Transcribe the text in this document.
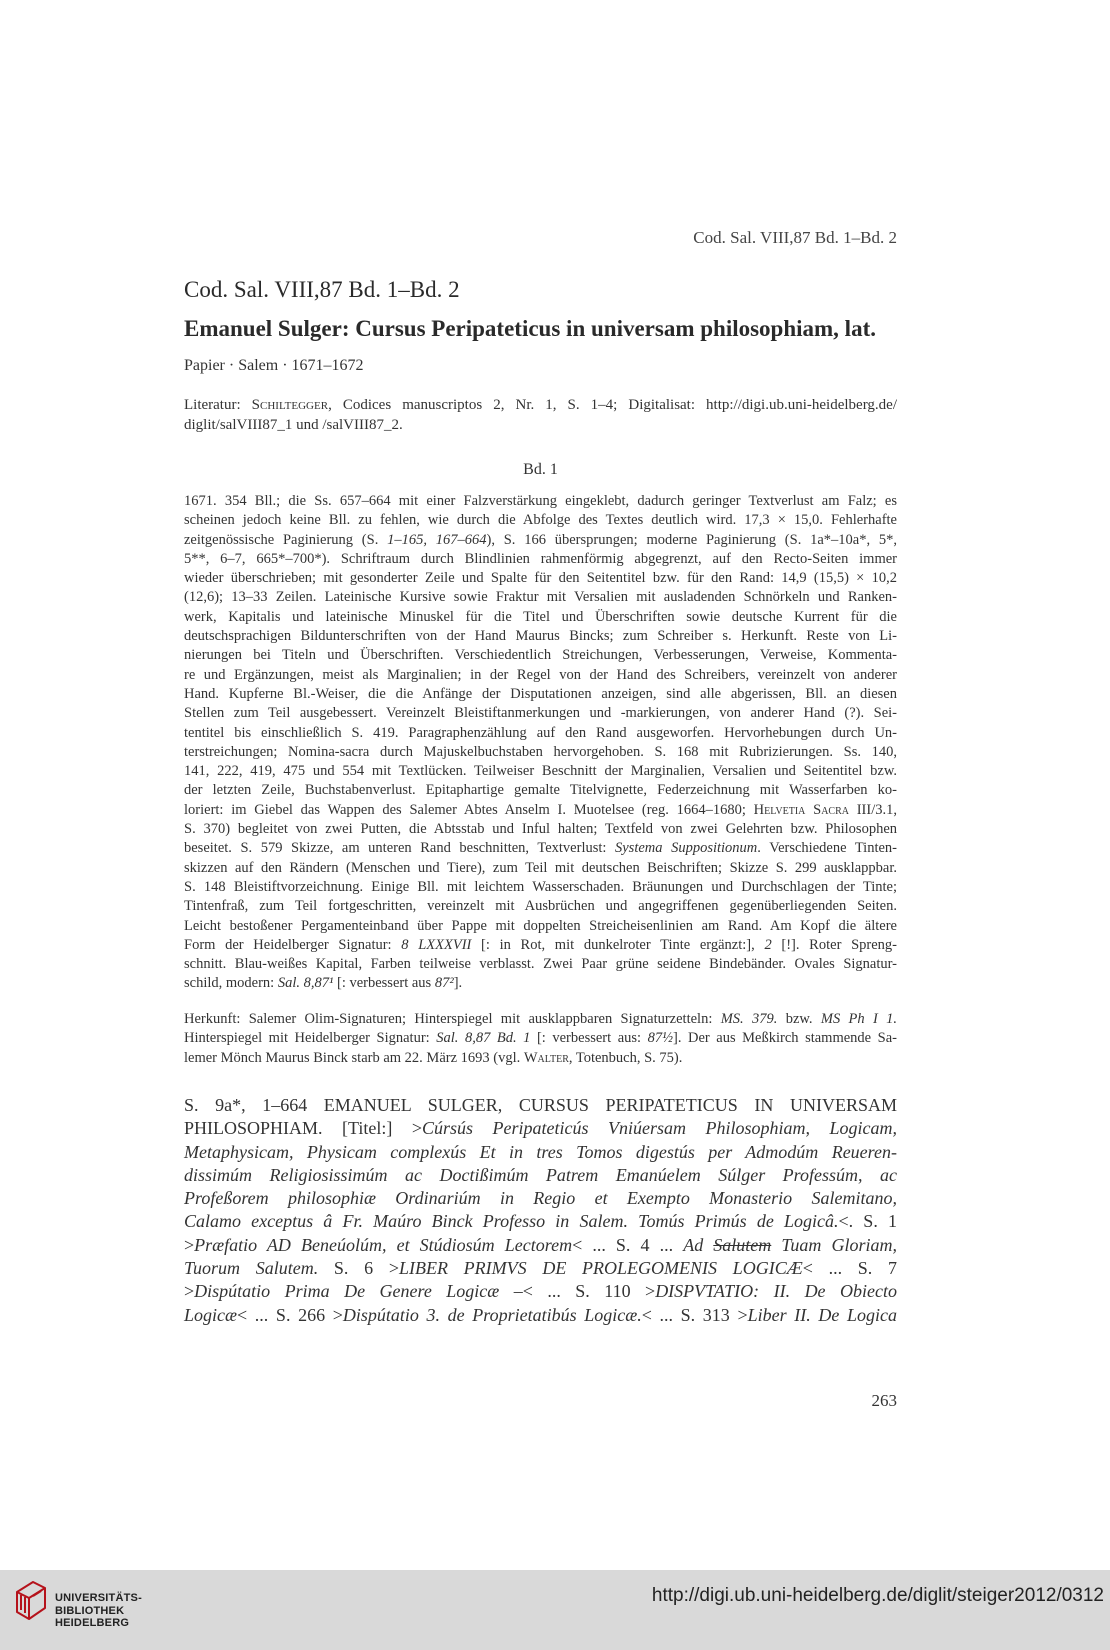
Cod. Sal. VIII,87 Bd. 1–Bd. 2
Cod. Sal. VIII,87 Bd. 1–Bd. 2
Emanuel Sulger: Cursus Peripateticus in universam philosophiam, lat.
Papier · Salem · 1671–1672
Literatur: Schiltegger, Codices manuscriptos 2, Nr. 1, S. 1–4; Digitalisat: http://digi.ub.uni-heidelberg.de/
diglit/salVIII87_1 und /salVIII87_2.
Bd. 1
1671. 354 Bll.; die Ss. 657–664 mit einer Falzverstärkung eingeklebt, dadurch geringer Textverlust am Falz; es
scheinen jedoch keine Bll. zu fehlen, wie durch die Abfolge des Textes deutlich wird. 17,3 × 15,0. Fehlerhafte
zeitgenössische Paginierung (S. 1–165, 167–664), S. 166 übersprungen; moderne Paginierung (S. 1a*–10a*, 5*,
5**, 6–7, 665*–700*). Schriftraum durch Blindlinien rahmenförmig abgegrenzt, auf den Recto-Seiten immer
wieder überschrieben; mit gesonderter Zeile und Spalte für den Seitentitel bzw. für den Rand: 14,9 (15,5) × 10,2
(12,6); 13–33 Zeilen. Lateinische Kursive sowie Fraktur mit Versalien mit ausladenden Schnörkeln und Ranken-
werk, Kapitalis und lateinische Minuskel für die Titel und Überschriften sowie deutsche Kurrent für die
deutschsprachigen Bildunterschriften von der Hand Maurus Bincks; zum Schreiber s. Herkunft. Reste von Li-
nierungen bei Titeln und Überschriften. Verschiedentlich Streichungen, Verbesserungen, Verweise, Kommenta-
re und Ergänzungen, meist als Marginalien; in der Regel von der Hand des Schreibers, vereinzelt von anderer
Hand. Kupferne Bl.-Weiser, die die Anfänge der Disputationen anzeigen, sind alle abgerissen, Bll. an diesen
Stellen zum Teil ausgebessert. Vereinzelt Bleistiftanmerkungen und -markierungen, von anderer Hand (?). Sei-
tentitel bis einschließlich S. 419. Paragraphenzählung auf den Rand ausgeworfen. Hervorhebungen durch Un-
terstreichungen; Nomina-sacra durch Majuskelbuchstaben hervorgehoben. S. 168 mit Rubrizierungen. Ss. 140,
141, 222, 419, 475 und 554 mit Textlücken. Teilweiser Beschnitt der Marginalien, Versalien und Seitentitel bzw.
der letzten Zeile, Buchstabenverlust. Epitaphartige gemalte Titelvignette, Federzeichnung mit Wasserfarben ko-
loriert: im Giebel das Wappen des Salemer Abtes Anselm I. Muotelsee (reg. 1664–1680; Helvetia Sacra III/3.1,
S. 370) begleitet von zwei Putten, die Abtsstab und Inful halten; Textfeld von zwei Gelehrten bzw. Philosophen
beseitet. S. 579 Skizze, am unteren Rand beschnitten, Textverlust: Systema Suppositionum. Verschiedene Tinten-
skizzen auf den Rändern (Menschen und Tiere), zum Teil mit deutschen Beischriften; Skizze S. 299 ausklappbar.
S. 148 Bleistiftvorzeichnung. Einige Bll. mit leichtem Wasserschaden. Bräunungen und Durchschlagen der Tinte;
Tintenfraß, zum Teil fortgeschritten, vereinzelt mit Ausbrüchen und angegriffenen gegenüberliegenden Seiten.
Leicht bestoßener Pergamenteinband über Pappe mit doppelten Streicheisenlinien am Rand. Am Kopf die ältere
Form der Heidelberger Signatur: 8 LXXXVII [: in Rot, mit dunkelroter Tinte ergänzt:], 2 [!]. Roter Spreng-
schnitt. Blau-weißes Kapital, Farben teilweise verblasst. Zwei Paar grüne seidene Bindebänder. Ovales Signatur-
schild, modern: Sal. 8,87¹ [: verbessert aus 87²].
Herkunft: Salemer Olim-Signaturen; Hinterspiegel mit ausklappbaren Signaturzetteln: MS. 379. bzw. MS Ph I 1.
Hinterspiegel mit Heidelberger Signatur: Sal. 8,87 Bd. 1 [: verbessert aus: 87½]. Der aus Meßkirch stammende Sa-
lemer Mönch Maurus Binck starb am 22. März 1693 (vgl. Walter, Totenbuch, S. 75).
S. 9a*, 1–664 EMANUEL SULGER, CURSUS PERIPATETICUS IN UNIVERSAM
PHILOSOPHIAM. [Titel:] >Cúrsús Peripateticús Vniúersam Philosophiam, Logicam,
Metaphysicam, Physicam complexús Et in tres Tomos digestús per Admodúm Reueren-
dissimúm Religiosissimúm ac Doctißimúm Patrem Emanúelem Súlger Professúm, ac
Profeßorem philosophiæ Ordinariúm in Regio et Exempto Monasterio Salemitano,
Calamo exceptus â Fr. Maúro Binck Professo in Salem. Tomús Primús de Logicâ.<. S. 1
>Præfatio AD Beneúolúm, et Stúdiosúm Lectorem< ... S. 4 ... Ad Salutem Tuam Gloriam,
Tuorum Salutem. S. 6 >LIBER PRIMVS DE PROLEGOMENIS LOGICÆ< ... S. 7
>Dispútatio Prima De Genere Logicæ –< ... S. 110 >DISPVTATIO: II. De Obiecto
Logicæ< ... S. 266 >Dispútatio 3. de Proprietatibús Logicæ.< ... S. 313 >Liber II. De Logica
263
UNIVERSITÄTS-
BIBLIOTHEK
HEIDELBERG
http://digi.ub.uni-heidelberg.de/diglit/steiger2012/0312
